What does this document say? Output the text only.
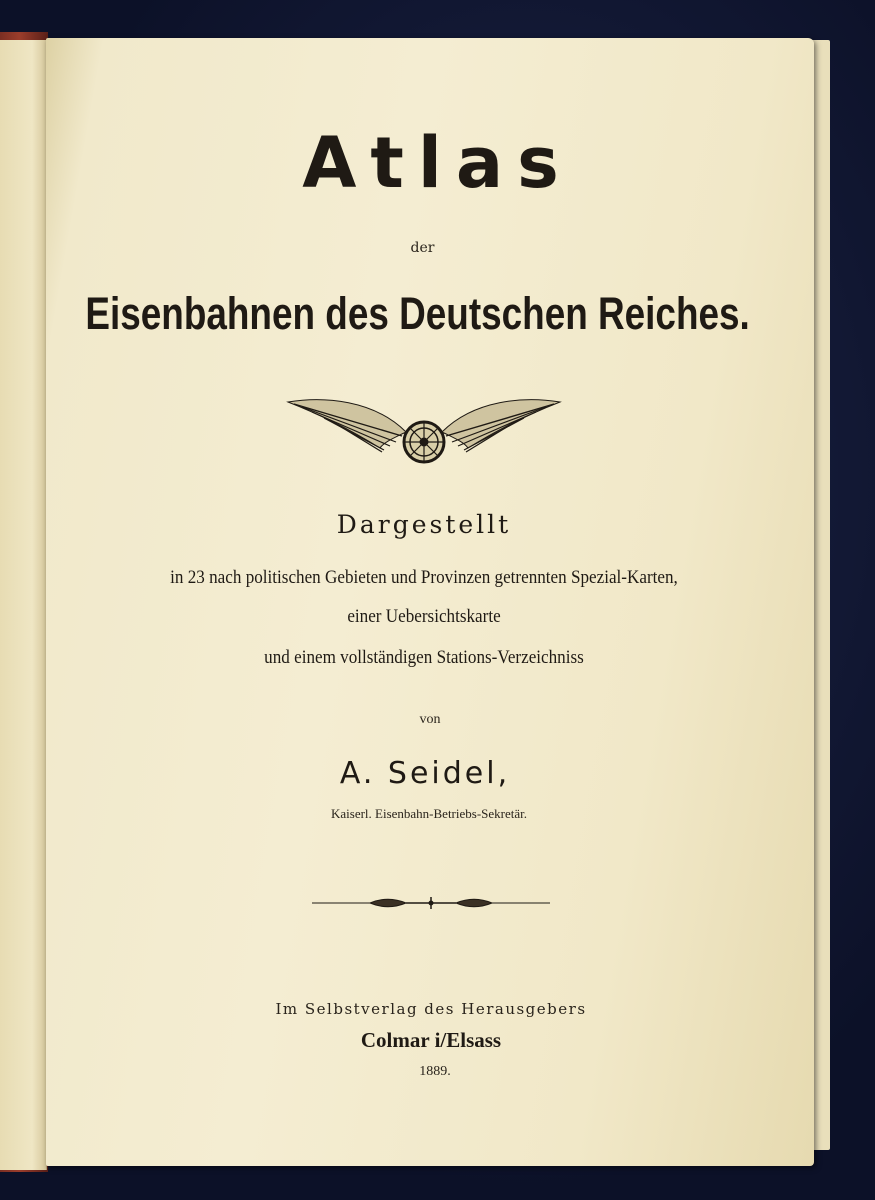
Atlas
der
Eisenbahnen des Deutschen Reiches.
Dargestellt
in 23 nach politischen Gebieten und Provinzen getrennten Spezial-Karten,
einer Uebersichtskarte
und einem vollständigen Stations-Verzeichniss
von
A. Seidel,
Kaiserl. Eisenbahn-Betriebs-Sekretär.
Im Selbstverlag des Herausgebers
Colmar i/Elsass
1889.
